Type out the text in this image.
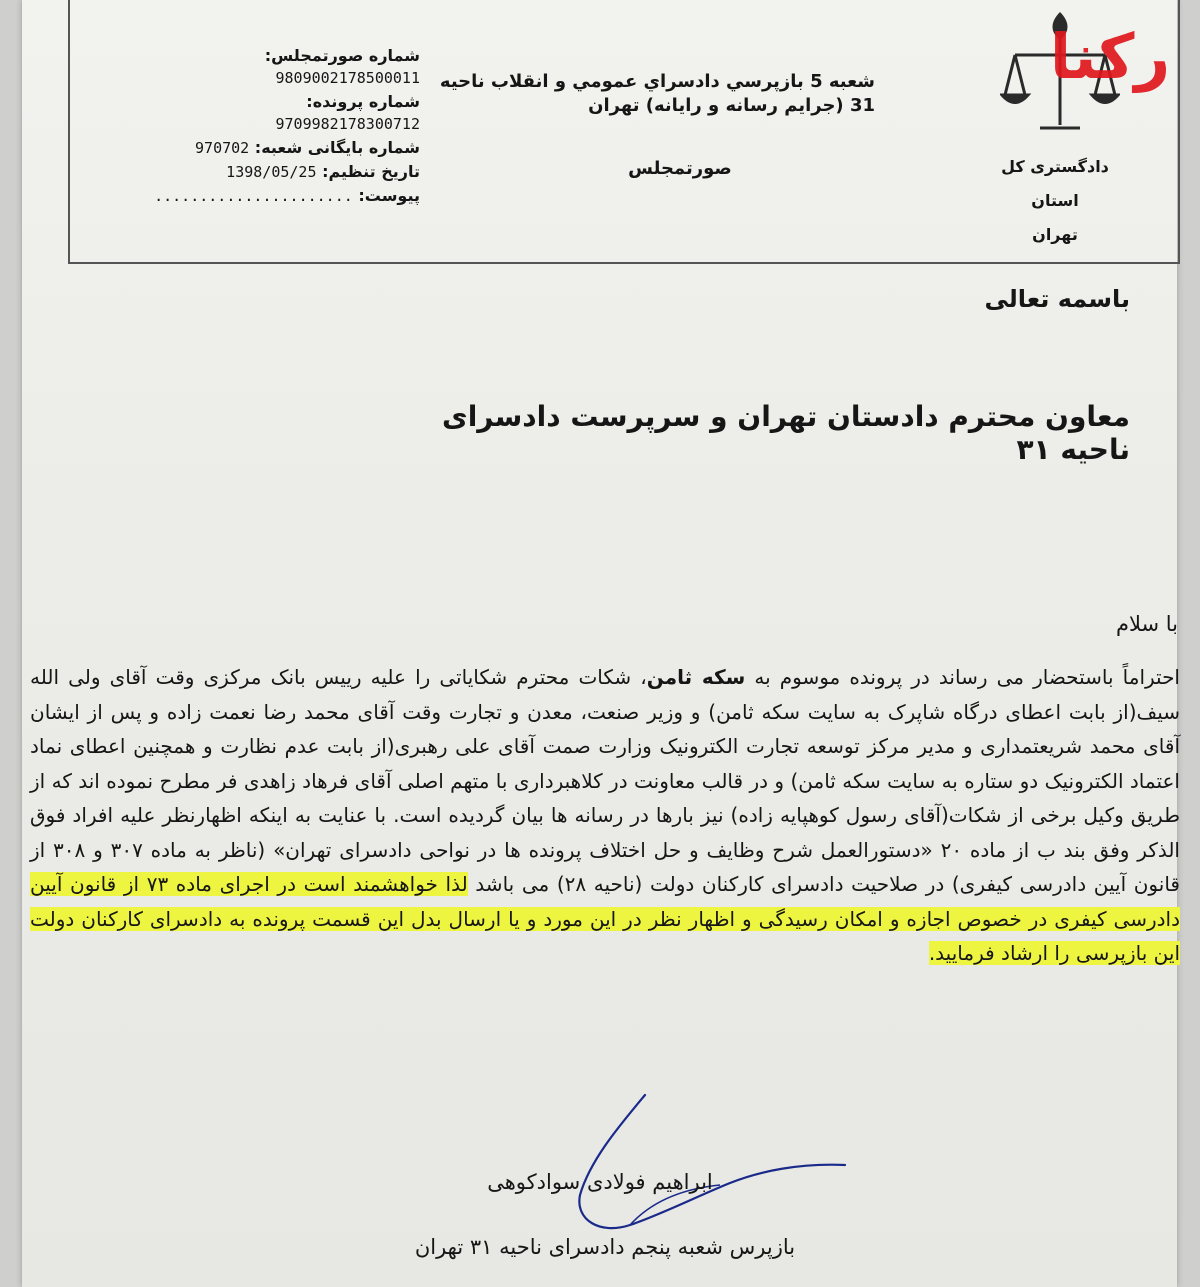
شماره صورتمجلس:
9809002178500011
شماره پرونده:
9709982178300712
شماره بایگانی شعبه: 970702
تاریخ تنظیم: 1398/05/25
پیوست: ......................
شعبه 5 بازپرسي دادسراي عمومي و انقلاب ناحيه
31 (جرایم رسانه و رایانه) تهران
صورتمجلس
رکنا
دادگستری کل استان
تهران
باسمه تعالی
معاون محترم دادستان تهران و سرپرست دادسرای ناحیه ۳۱
با سلام

احتراماً باستحضار می رساند در پرونده موسوم به سکه ثامن، شکات محترم شکایاتی را علیه رییس بانک مرکزی وقت آقای ولی الله سیف(از بابت اعطای درگاه شاپرک به سایت سکه ثامن) و وزیر صنعت، معدن و تجارت وقت آقای محمد رضا نعمت زاده و پس از ایشان آقای محمد شریعتمداری و مدیر مرکز توسعه تجارت الکترونیک وزارت صمت آقای علی رهبری(از بابت عدم نظارت و همچنین اعطای نماد اعتماد الکترونیک دو ستاره به سایت سکه ثامن) و در قالب معاونت در کلاهبرداری با متهم اصلی آقای فرهاد زاهدی فر مطرح نموده اند که از طریق وکیل برخی از شکات(آقای رسول کوهپایه زاده) نیز بارها در رسانه ها بیان گردیده است. با عنایت به اینکه اظهارنظر علیه افراد فوق الذکر وفق بند ب از ماده ۲۰ «دستورالعمل شرح وظایف و حل اختلاف پرونده ها در نواحی دادسرای تهران» (ناظر به ماده ۳۰۷ و ۳۰۸ از قانون آیین دادرسی کیفری) در صلاحیت دادسرای کارکنان دولت (ناحیه ۲۸) می باشد لذا خواهشمند است در اجرای ماده ۷۳ از قانون آیین دادرسی کیفری در خصوص اجازه و امکان رسیدگی و اظهار نظر در این مورد و یا ارسال بدل این قسمت پرونده به دادسرای کارکنان دولت این بازپرسی را ارشاد فرمایید.

ابراهیم فولادی سوادکوهی
بازپرس شعبه پنجم دادسرای ناحیه ۳۱ تهران
